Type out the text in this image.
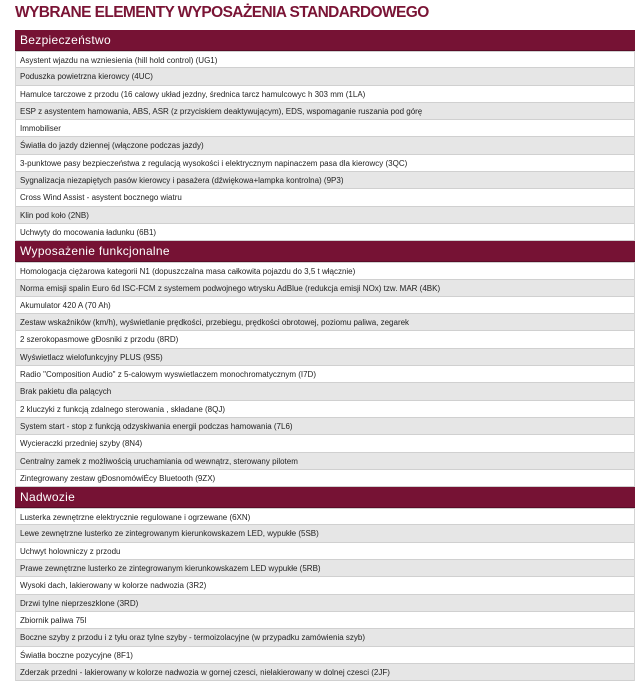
WYBRANE ELEMENTY WYPOSAŻENIA STANDARDOWEGO
Bezpieczeństwo
Asystent wjazdu na wzniesienia (hill hold control) (UG1)
Poduszka powietrzna kierowcy (4UC)
Hamulce tarczowe z przodu (16 calowy układ jezdny, średnica tarcz hamulcowyc h 303 mm (1LA)
ESP z asystentem hamowania, ABS, ASR (z przyciskiem deaktywującym), EDS, wspomaganie ruszania pod górę
Immobiliser
Światła do jazdy dziennej (włączone podczas jazdy)
3-punktowe pasy bezpieczeństwa z regulacją wysokości i elektrycznym napinaczem pasa dla kierowcy (3QC)
Sygnalizacja niezapiętych pasów kierowcy i pasażera (dźwiękowa+lampka kontrolna) (9P3)
Cross Wind Assist - asystent bocznego wiatru
Klin pod koło (2NB)
Uchwyty do mocowania ładunku (6B1)
Wyposażenie funkcjonalne
Homologacja ciężarowa kategorii N1 (dopuszczalna masa całkowita pojazdu do 3,5 t włącznie)
Norma emisji spalin Euro 6d ISC-FCM z systemem podwojnego wtrysku AdBlue (redukcja emisji NOx) tzw. MAR (4BK)
Akumulator 420 A (70 Ah)
Zestaw wskaźników (km/h), wyświetlanie prędkości, przebiegu, prędkości obrotowej, poziomu paliwa, zegarek
2 szerokopasmowe gĐosniki z przodu (8RD)
Wyświetlacz wielofunkcyjny PLUS (9S5)
Radio "Composition Audio" z 5-calowym wyswietlaczem monochromatycznym (I7D)
Brak pakietu dla palących
2 kluczyki z funkcją zdalnego sterowania , składane (8QJ)
System start - stop z funkcją odzyskiwania energii podczas hamowania (7L6)
Wycieraczki przedniej szyby (8N4)
Centralny zamek z możliwością uruchamiania od wewnątrz, sterowany pilotem
Zintegrowany zestaw gĐosnomówiĖcy Bluetooth (9ZX)
Nadwozie
Lusterka zewnętrzne elektrycznie regulowane i ogrzewane (6XN)
Lewe zewnętrzne lusterko ze zintegrowanym kierunkowskazem LED, wypukłe (5SB)
Uchwyt holowniczy z przodu
Prawe zewnętrzne lusterko ze zintegrowanym kierunkowskazem LED wypukłe (5RB)
Wysoki dach, lakierowany w kolorze nadwozia (3R2)
Drzwi tylne nieprzeszklone (3RD)
Zbiornik paliwa 75l
Boczne szyby z przodu i z tyłu oraz tylne szyby - termoizolacyjne (w przypadku zamówienia szyb)
Światła boczne pozycyjne (8F1)
Zderzak przedni - lakierowany w kolorze nadwozia w gornej czesci, nielakierowany w dolnej czesci (2JF)
